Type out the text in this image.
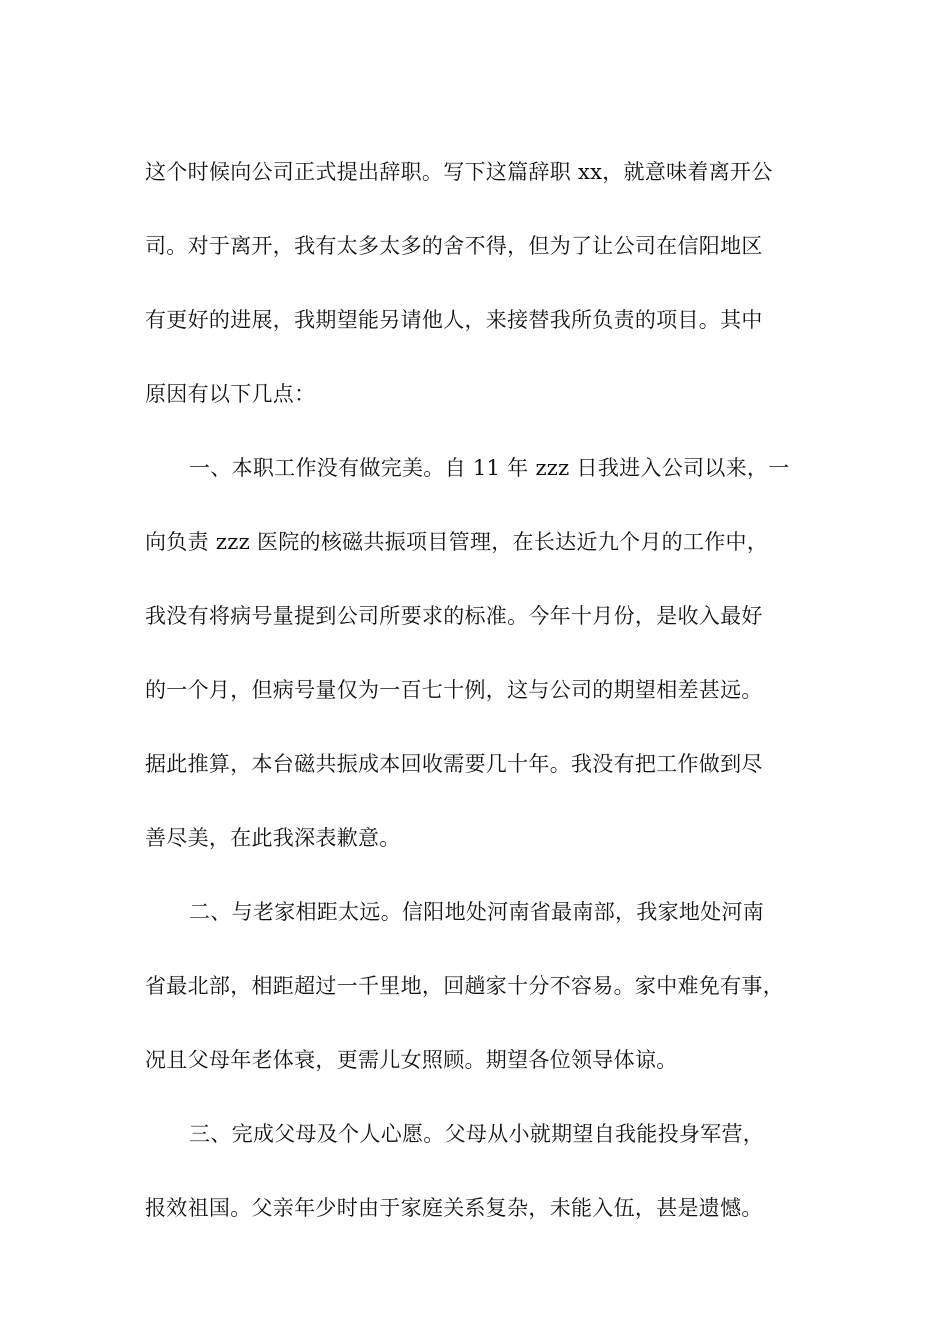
这个时候向公司正式提出辞职。写下这篇辞职 xx，就意味着离开公
司。对于离开，我有太多太多的舍不得，但为了让公司在信阳地区
有更好的进展，我期望能另请他人，来接替我所负责的项目。其中
原因有以下几点：
一、本职工作没有做完美。自 11 年 zzz 日我进入公司以来，一
向负责 zzz 医院的核磁共振项目管理，在长达近九个月的工作中，
我没有将病号量提到公司所要求的标准。今年十月份，是收入最好
的一个月，但病号量仅为一百七十例，这与公司的期望相差甚远。
据此推算，本台磁共振成本回收需要几十年。我没有把工作做到尽
善尽美，在此我深表歉意。
二、与老家相距太远。信阳地处河南省最南部，我家地处河南
省最北部，相距超过一千里地，回趟家十分不容易。家中难免有事，
况且父母年老体衰，更需儿女照顾。期望各位领导体谅。
三、完成父母及个人心愿。父母从小就期望自我能投身军营，
报效祖国。父亲年少时由于家庭关系复杂，未能入伍，甚是遗憾。
